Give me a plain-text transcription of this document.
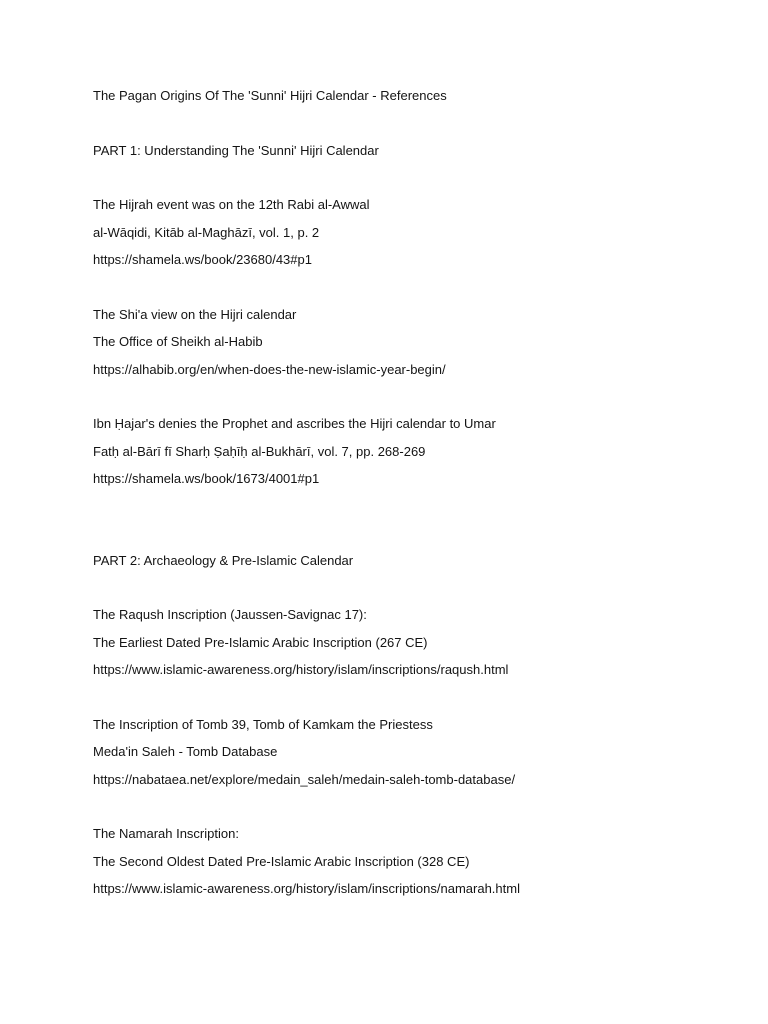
The Pagan Origins Of The 'Sunni' Hijri Calendar - References
PART 1: Understanding The 'Sunni' Hijri Calendar
The Hijrah event was on the 12th Rabi al-Awwal
al-Wāqidi, Kitāb al-Maghāzī, vol. 1, p. 2
https://shamela.ws/book/23680/43#p1
The Shi'a view on the Hijri calendar
The Office of Sheikh al-Habib
https://alhabib.org/en/when-does-the-new-islamic-year-begin/
Ibn Ḥajar's denies the Prophet and ascribes the Hijri calendar to Umar
Fatḥ al-Bārī fī Sharḥ Ṣaḥīḥ al-Bukhārī, vol. 7, pp. 268-269
https://shamela.ws/book/1673/4001#p1
PART 2: Archaeology & Pre-Islamic Calendar
The Raqush Inscription (Jaussen-Savignac 17):
The Earliest Dated Pre-Islamic Arabic Inscription (267 CE)
https://www.islamic-awareness.org/history/islam/inscriptions/raqush.html
The Inscription of Tomb 39, Tomb of Kamkam the Priestess
Meda'in Saleh - Tomb Database
https://nabataea.net/explore/medain_saleh/medain-saleh-tomb-database/
The Namarah Inscription:
The Second Oldest Dated Pre-Islamic Arabic Inscription (328 CE)
https://www.islamic-awareness.org/history/islam/inscriptions/namarah.html
